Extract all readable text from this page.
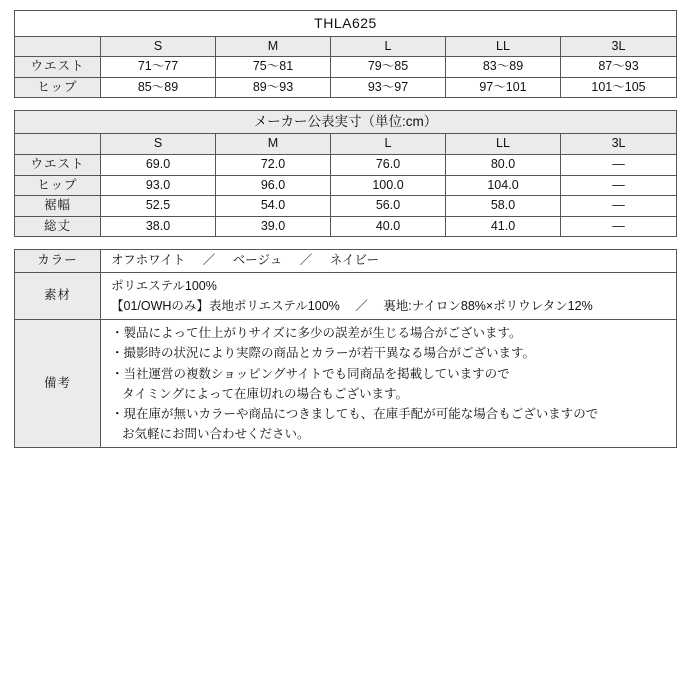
THLA625					
	S	M	L	LL	3L
ウエスト	71〜77	75〜81	79〜85	83〜89	87〜93
ヒップ	85〜89	89〜93	93〜97	97〜101	101〜105
メーカー公表実寸（単位:cm）					
	S	M	L	LL	3L
ウエスト	69.0	72.0	76.0	80.0	—
ヒップ	93.0	96.0	100.0	104.0	—
裾幅	52.5	54.0	56.0	58.0	—
総丈	38.0	39.0	40.0	41.0	—
カラー	オフホワイト ／ ベージュ ／ ネイビー
素材	ポリエステル100%
【01/OWHのみ】表地ポリエステル100% ／ 裏地:ナイロン88%×ポリウレタン12%

備考	
・製品によって仕上がりサイズに多少の誤差が生じる場合がございます。
・撮影時の状況により実際の商品とカラーが若干異なる場合がございます。
・当社運営の複数ショッピングサイトでも同商品を掲載していますので
タイミングによって在庫切れの場合もございます。
・現在庫が無いカラーや商品につきましても、在庫手配が可能な場合もございますので
お気軽にお問い合わせください。
